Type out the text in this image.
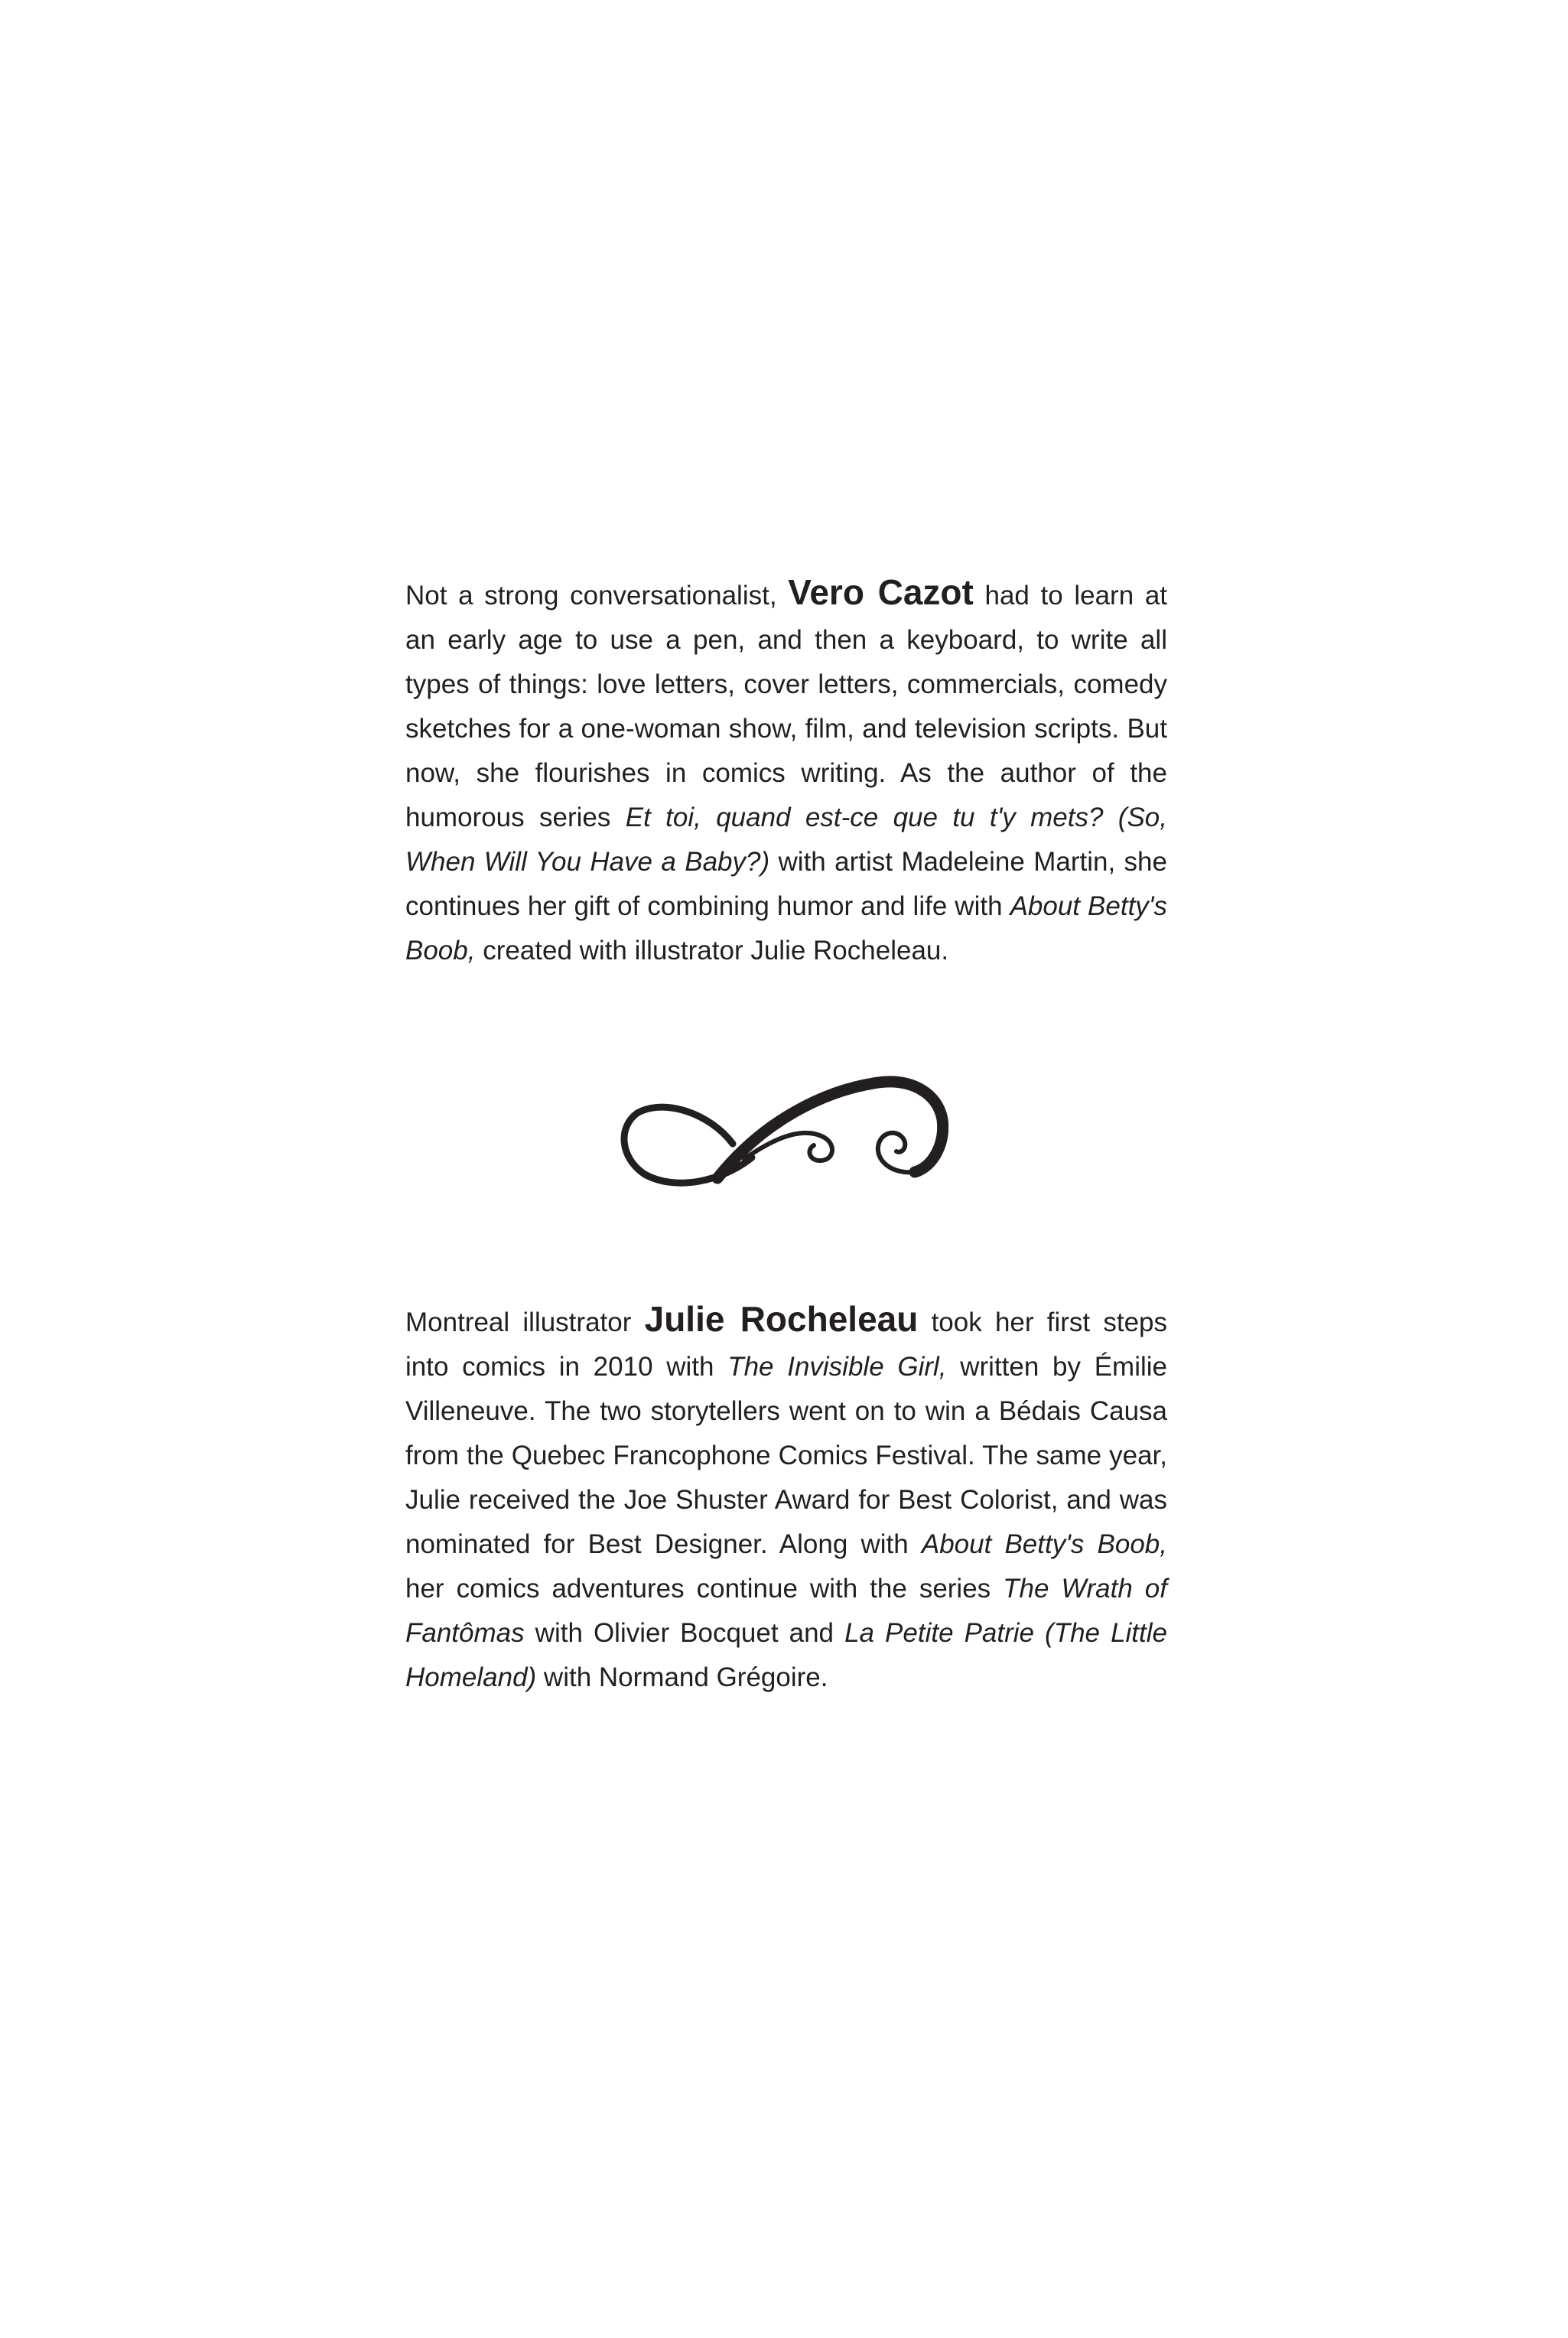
Not a strong conversationalist, Vero Cazot had to learn at an early age to use a pen, and then a keyboard, to write all types of things: love letters, cover letters, commercials, comedy sketches for a one-woman show, film, and television scripts. But now, she flourishes in comics writing. As the author of the humorous series Et toi, quand est-ce que tu t'y mets? (So, When Will You Have a Baby?) with artist Madeleine Martin, she continues her gift of combining humor and life with About Betty's Boob, created with illustrator Julie Rocheleau.

Montreal illustrator Julie Rocheleau took her first steps into comics in 2010 with The Invisible Girl, written by Émilie Villeneuve. The two storytellers went on to win a Bédais Causa from the Quebec Francophone Comics Festival. The same year, Julie received the Joe Shuster Award for Best Colorist, and was nominated for Best Designer. Along with About Betty's Boob, her comics adventures continue with the series The Wrath of Fantômas with Olivier Bocquet and La Petite Patrie (The Little Homeland) with Normand Grégoire.
